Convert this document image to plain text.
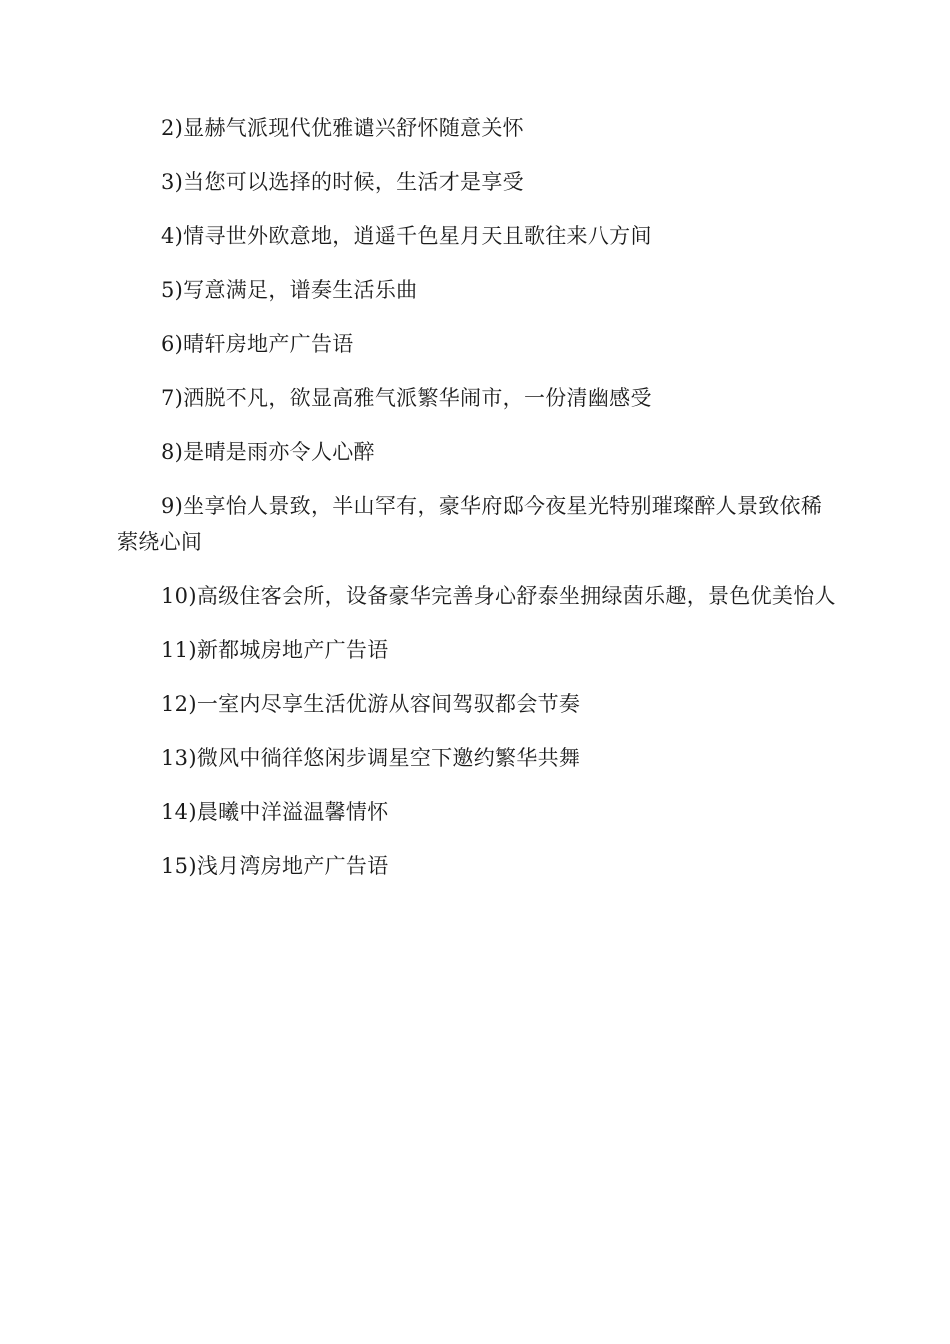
2)显赫气派现代优雅谴兴舒怀随意关怀

3)当您可以选择的时候，生活才是享受

4)情寻世外欧意地，逍遥千色星月天且歌往来八方间

5)写意满足，谱奏生活乐曲

6)晴轩房地产广告语

7)洒脱不凡，欲显高雅气派繁华闹市，一份清幽感受

8)是晴是雨亦令人心醉

9)坐享怡人景致，半山罕有，豪华府邸今夜星光特别璀璨醉人景致依稀萦绕心间

10)高级住客会所，设备豪华完善身心舒泰坐拥绿茵乐趣，景色优美怡人

11)新都城房地产广告语

12)一室内尽享生活优游从容间驾驭都会节奏

13)微风中徜徉悠闲步调星空下邀约繁华共舞

14)晨曦中洋溢温馨情怀

15)浅月湾房地产广告语
